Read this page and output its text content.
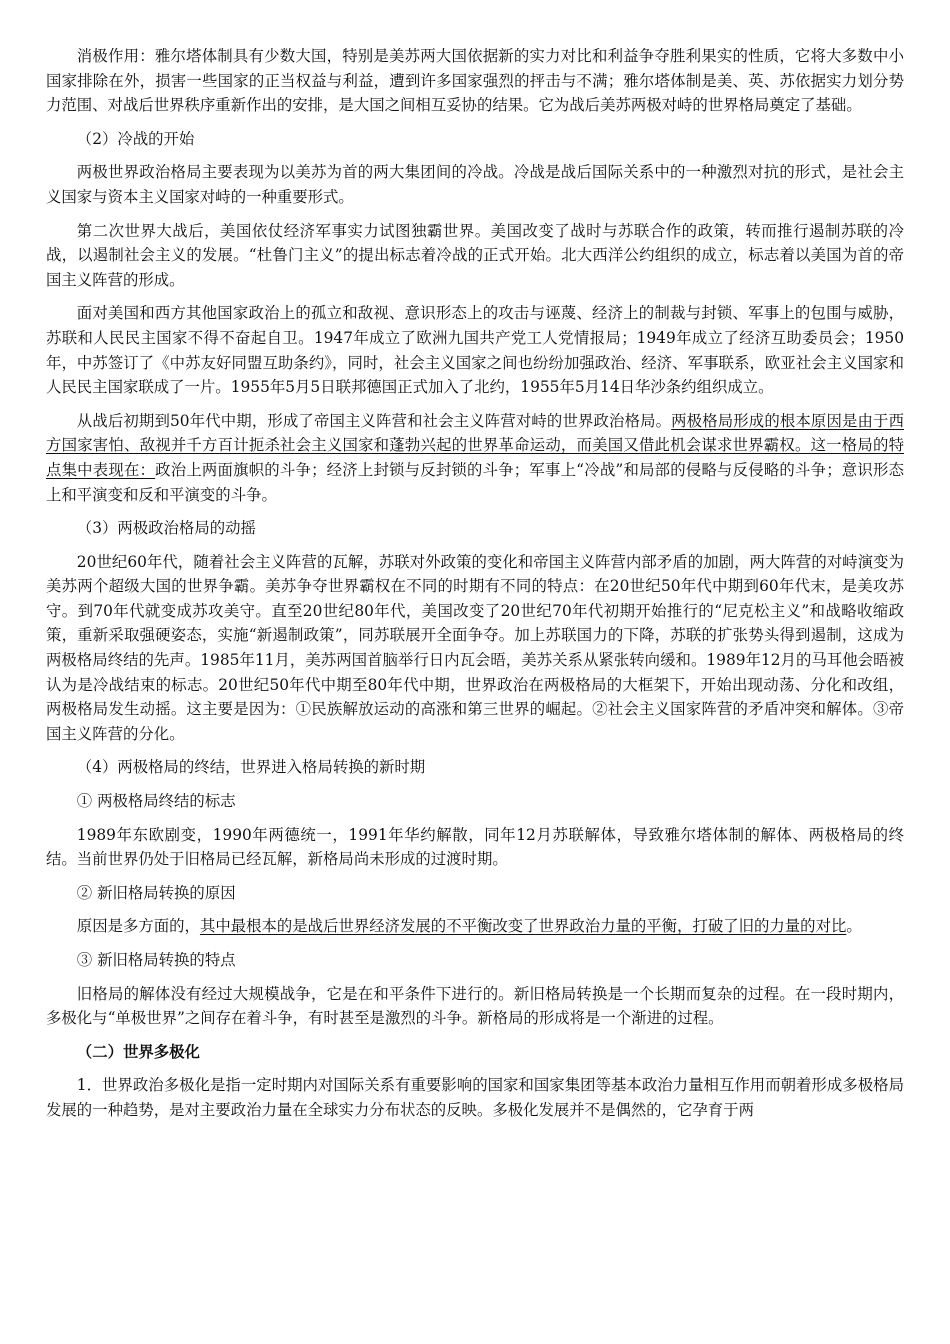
消极作用：雅尔塔体制具有少数大国，特别是美苏两大国依据新的实力对比和利益争夺胜利果实的性质，它将大多数中小国家排除在外，损害一些国家的正当权益与利益，遭到许多国家强烈的抨击与不满；雅尔塔体制是美、英、苏依据实力划分势力范围、对战后世界秩序重新作出的安排，是大国之间相互妥协的结果。它为战后美苏两极对峙的世界格局奠定了基础。

（2）冷战的开始

两极世界政治格局主要表现为以美苏为首的两大集团间的冷战。冷战是战后国际关系中的一种激烈对抗的形式，是社会主义国家与资本主义国家对峙的一种重要形式。

第二次世界大战后，美国依仗经济军事实力试图独霸世界。美国改变了战时与苏联合作的政策，转而推行遏制苏联的冷战，以遏制社会主义的发展。“杜鲁门主义”的提出标志着冷战的正式开始。北大西洋公约组织的成立，标志着以美国为首的帝国主义阵营的形成。

面对美国和西方其他国家政治上的孤立和敌视、意识形态上的攻击与诬蔑、经济上的制裁与封锁、军事上的包围与威胁，苏联和人民民主国家不得不奋起自卫。1947年成立了欧洲九国共产党工人党情报局；1949年成立了经济互助委员会；1950年，中苏签订了《中苏友好同盟互助条约》，同时，社会主义国家之间也纷纷加强政治、经济、军事联系，欧亚社会主义国家和人民民主国家联成了一片。1955年5月5日联邦德国正式加入了北约，1955年5月14日华沙条约组织成立。

从战后初期到50年代中期，形成了帝国主义阵营和社会主义阵营对峙的世界政治格局。两极格局形成的根本原因是由于西方国家害怕、敌视并千方百计扼杀社会主义国家和蓬勃兴起的世界革命运动，而美国又借此机会谋求世界霸权。这一格局的特点集中表现在：政治上两面旗帜的斗争；经济上封锁与反封锁的斗争；军事上“冷战”和局部的侵略与反侵略的斗争；意识形态上和平演变和反和平演变的斗争。

（3）两极政治格局的动摇

20世纪60年代，随着社会主义阵营的瓦解，苏联对外政策的变化和帝国主义阵营内部矛盾的加剧，两大阵营的对峙演变为美苏两个超级大国的世界争霸。美苏争夺世界霸权在不同的时期有不同的特点：在20世纪50年代中期到60年代末，是美攻苏守。到70年代就变成苏攻美守。直至20世纪80年代，美国改变了20世纪70年代初期开始推行的“尼克松主义”和战略收缩政策，重新采取强硬姿态，实施“新遏制政策”，同苏联展开全面争夺。加上苏联国力的下降，苏联的扩张势头得到遏制，这成为两极格局终结的先声。1985年11月，美苏两国首脑举行日内瓦会晤，美苏关系从紧张转向缓和。1989年12月的马耳他会晤被认为是冷战结束的标志。20世纪50年代中期至80年代中期，世界政治在两极格局的大框架下，开始出现动荡、分化和改组，两极格局发生动摇。这主要是因为：①民族解放运动的高涨和第三世界的崛起。②社会主义国家阵营的矛盾冲突和解体。③帝国主义阵营的分化。

（4）两极格局的终结，世界进入格局转换的新时期

① 两极格局终结的标志

1989年东欧剧变，1990年两德统一，1991年华约解散，同年12月苏联解体，导致雅尔塔体制的解体、两极格局的终结。当前世界仍处于旧格局已经瓦解，新格局尚未形成的过渡时期。

② 新旧格局转换的原因

原因是多方面的，其中最根本的是战后世界经济发展的不平衡改变了世界政治力量的平衡，打破了旧的力量的对比。

③ 新旧格局转换的特点

旧格局的解体没有经过大规模战争，它是在和平条件下进行的。新旧格局转换是一个长期而复杂的过程。在一段时期内，多极化与“单极世界”之间存在着斗争，有时甚至是激烈的斗争。新格局的形成将是一个渐进的过程。

（二）世界多极化

1．世界政治多极化是指一定时期内对国际关系有重要影响的国家和国家集团等基本政治力量相互作用而朝着形成多极格局发展的一种趋势，是对主要政治力量在全球实力分布状态的反映。多极化发展并不是偶然的，它孕育于两
